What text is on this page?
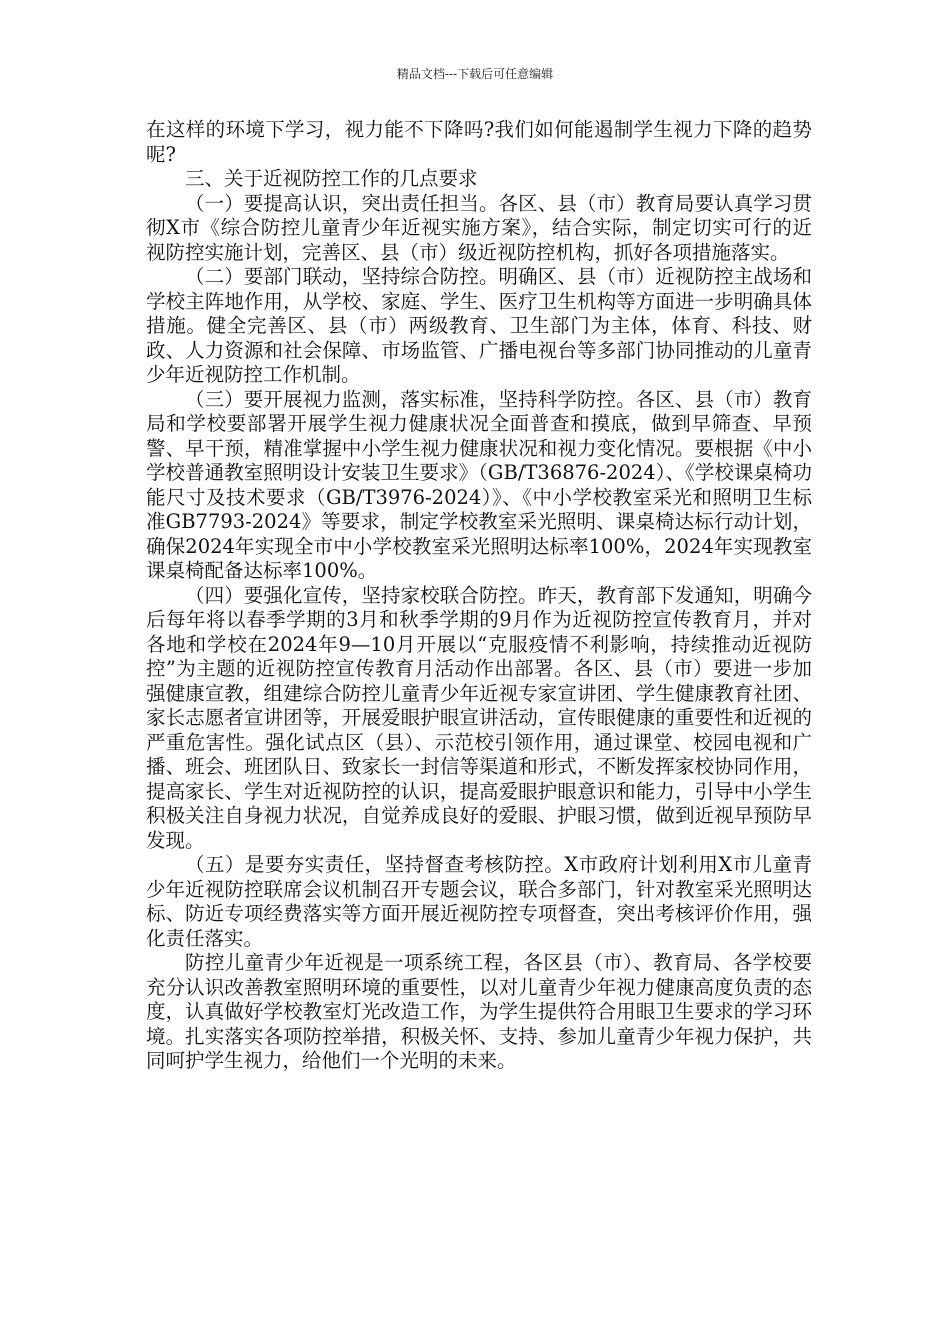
精品文档---下载后可任意编辑

在这样的环境下学习，视力能不下降吗?我们如何能遏制学生视力下降的趋势呢?

三、关于近视防控工作的几点要求

（一）要提高认识，突出责任担当。各区、县（市）教育局要认真学习贯彻X市《综合防控儿童青少年近视实施方案》，结合实际，制定切实可行的近视防控实施计划，完善区、县（市）级近视防控机构，抓好各项措施落实。

（二）要部门联动，坚持综合防控。明确区、县（市）近视防控主战场和学校主阵地作用，从学校、家庭、学生、医疗卫生机构等方面进一步明确具体措施。健全完善区、县（市）两级教育、卫生部门为主体，体育、科技、财政、人力资源和社会保障、市场监管、广播电视台等多部门协同推动的儿童青少年近视防控工作机制。

（三）要开展视力监测，落实标准，坚持科学防控。各区、县（市）教育局和学校要部署开展学生视力健康状况全面普查和摸底，做到早筛查、早预警、早干预，精准掌握中小学生视力健康状况和视力变化情况。要根据《中小学校普通教室照明设计安装卫生要求》（GB/T36876-2024）、《学校课桌椅功能尺寸及技术要求（GB/T3976-2024）》、《中小学校教室采光和照明卫生标准GB7793-2024》等要求，制定学校教室采光照明、课桌椅达标行动计划，确保2024年实现全市中小学校教室采光照明达标率100%，2024年实现教室课桌椅配备达标率100%。

（四）要强化宣传，坚持家校联合防控。昨天，教育部下发通知，明确今后每年将以春季学期的3月和秋季学期的9月作为近视防控宣传教育月，并对各地和学校在2024年9—10月开展以“克服疫情不利影响，持续推动近视防控”为主题的近视防控宣传教育月活动作出部署。各区、县（市）要进一步加强健康宣教，组建综合防控儿童青少年近视专家宣讲团、学生健康教育社团、家长志愿者宣讲团等，开展爱眼护眼宣讲活动，宣传眼健康的重要性和近视的严重危害性。强化试点区（县）、示范校引领作用，通过课堂、校园电视和广播、班会、班团队日、致家长一封信等渠道和形式，不断发挥家校协同作用，提高家长、学生对近视防控的认识，提高爱眼护眼意识和能力，引导中小学生积极关注自身视力状况，自觉养成良好的爱眼、护眼习惯，做到近视早预防早发现。

（五）是要夯实责任，坚持督查考核防控。X市政府计划利用X市儿童青少年近视防控联席会议机制召开专题会议，联合多部门，针对教室采光照明达标、防近专项经费落实等方面开展近视防控专项督查，突出考核评价作用，强化责任落实。

防控儿童青少年近视是一项系统工程，各区县（市）、教育局、各学校要充分认识改善教室照明环境的重要性，以对儿童青少年视力健康高度负责的态度，认真做好学校教室灯光改造工作，为学生提供符合用眼卫生要求的学习环境。扎实落实各项防控举措，积极关怀、支持、参加儿童青少年视力保护，共同呵护学生视力，给他们一个光明的未来。
